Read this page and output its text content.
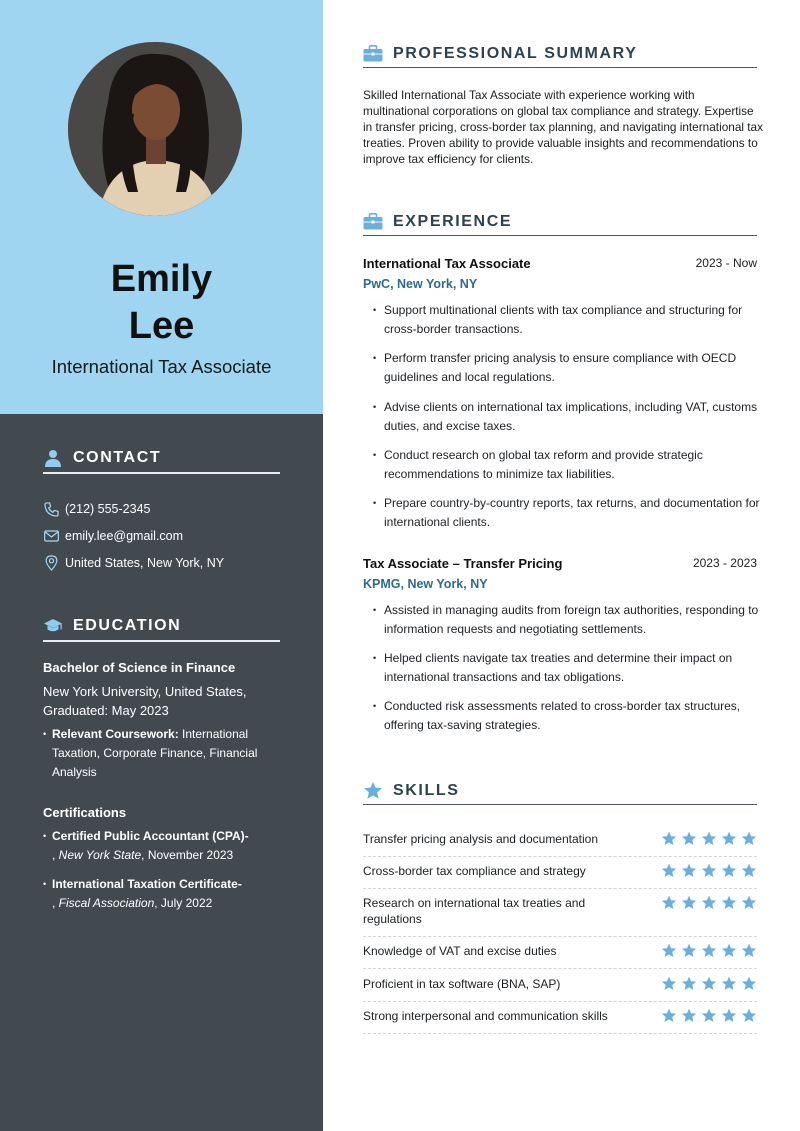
Emily
Lee
International Tax Associate
CONTACT
(212) 555-2345
emily.lee@gmail.com
United States, New York, NY
EDUCATION
Bachelor of Science in Finance
New York University, United States,
Graduated: May 2023
• Relevant Coursework: International
Taxation, Corporate Finance, Financial
Analysis
Certifications
• Certified Public Accountant (CPA)-
, New York State, November 2023
• International Taxation Certificate-
, Fiscal Association, July 2022
PROFESSIONAL SUMMARY
Skilled International Tax Associate with experience working with multinational corporations on global tax compliance and strategy. Expertise in transfer pricing, cross-border tax planning, and navigating international tax treaties. Proven ability to provide valuable insights and recommendations to improve tax efficiency for clients.
EXPERIENCE
International Tax Associate	2023 - Now
PwC, New York, NY
• Support multinational clients with tax compliance and structuring for cross-border transactions.
• Perform transfer pricing analysis to ensure compliance with OECD guidelines and local regulations.
• Advise clients on international tax implications, including VAT, customs duties, and excise taxes.
• Conduct research on global tax reform and provide strategic recommendations to minimize tax liabilities.
• Prepare country-by-country reports, tax returns, and documentation for international clients.
Tax Associate – Transfer Pricing	2023 - 2023
KPMG, New York, NY
• Assisted in managing audits from foreign tax authorities, responding to information requests and negotiating settlements.
• Helped clients navigate tax treaties and determine their impact on international transactions and tax obligations.
• Conducted risk assessments related to cross-border tax structures, offering tax-saving strategies.
SKILLS
Transfer pricing analysis and documentation
Cross-border tax compliance and strategy
Research on international tax treaties and regulations
Knowledge of VAT and excise duties
Proficient in tax software (BNA, SAP)
Strong interpersonal and communication skills
